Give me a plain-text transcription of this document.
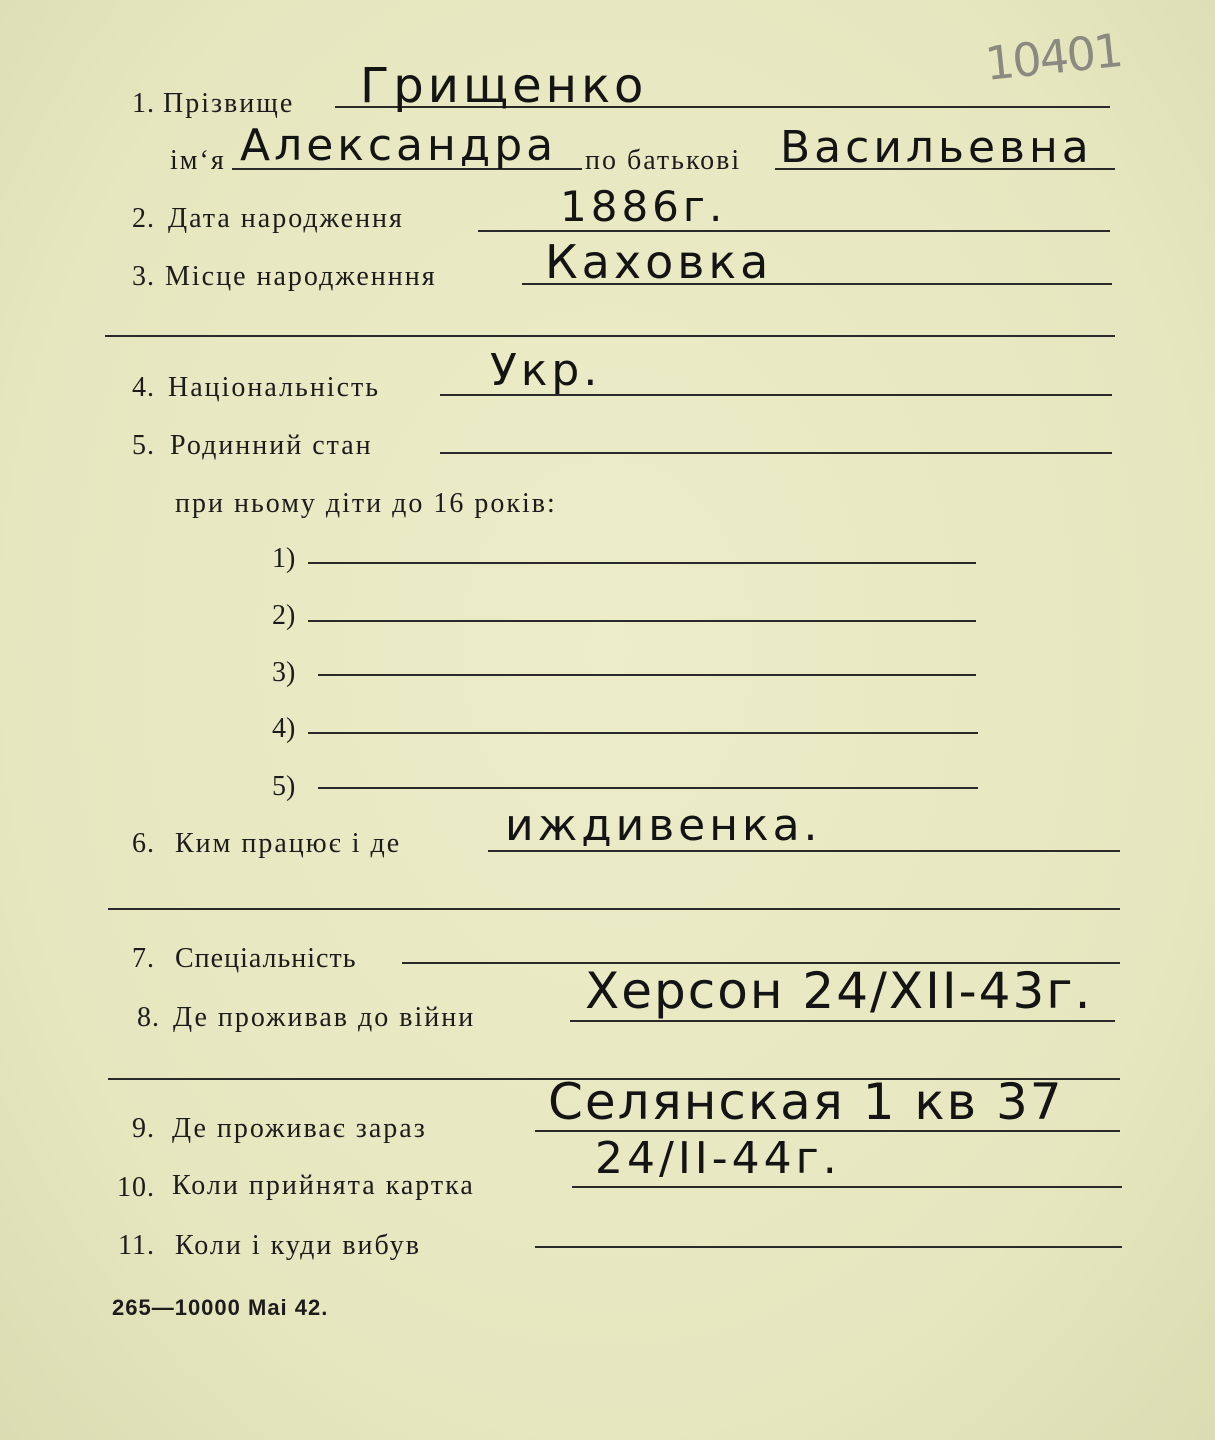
10401
1. Прізвище Грищенко
ім‘я Александра по батькові Васильевна
2. Дата народження	1886г.
3. Місце народженння Каховка
4. Національність Укр.
5. Родинний стан
при ньому діти до 16 років:
1)
2)
3)
4)
5)
6. Ким працює і де иждивенка.
7. Спеціальність
8. Де проживав до війни Херсон 24/XII-43г.
9. Де проживає зараз Селянская 1 кв 37
10. Коли прийнята картка
24/II-44г.
11. Коли і куди вибув
265—10000 Mai 42.
